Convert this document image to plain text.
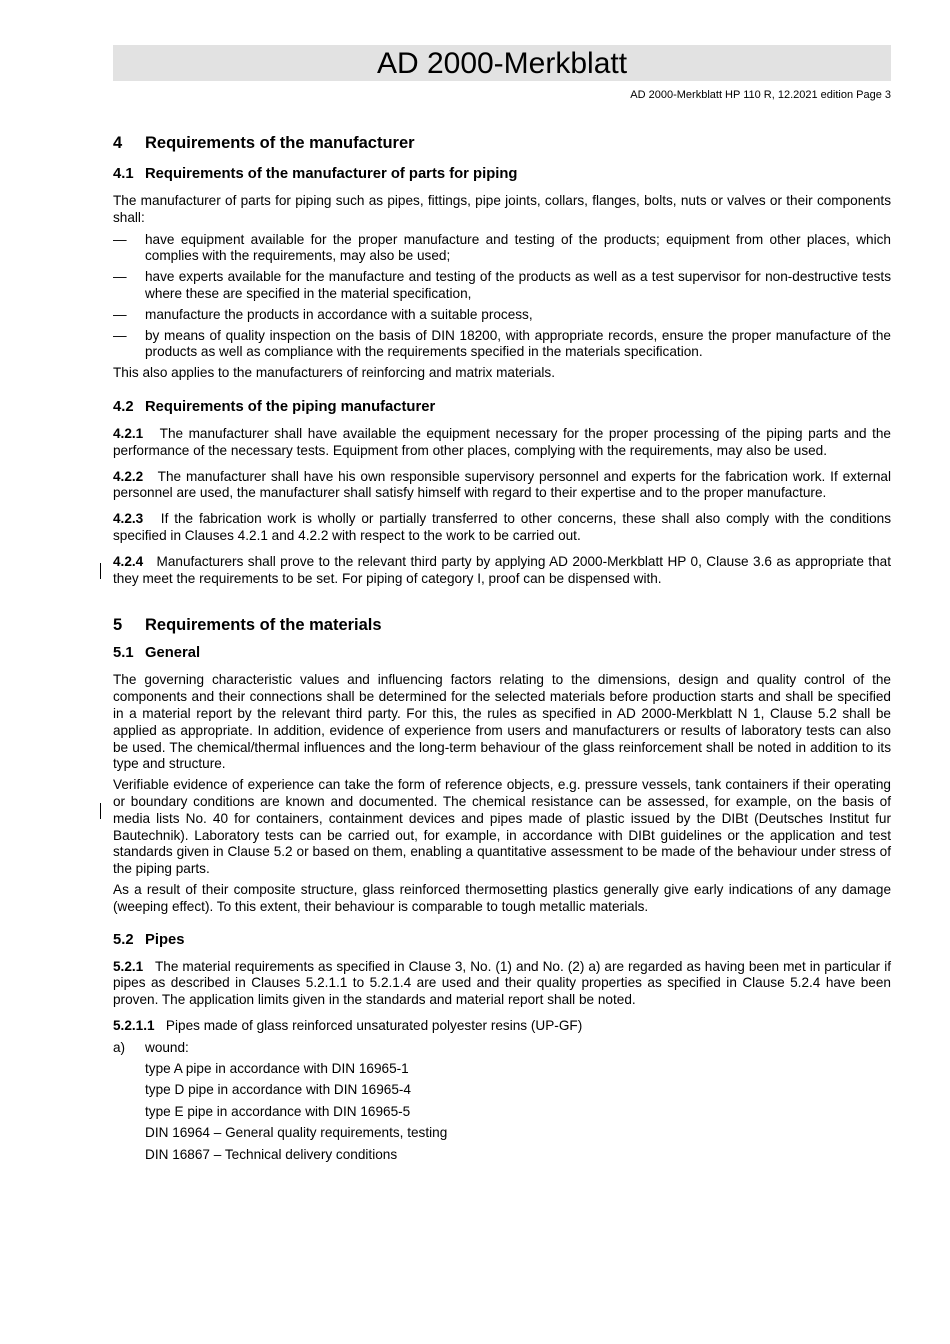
AD 2000-Merkblatt
AD 2000-Merkblatt HP 110 R, 12.2021 edition Page 3
4 Requirements of the manufacturer
4.1 Requirements of the manufacturer of parts for piping

The manufacturer of parts for piping such as pipes, fittings, pipe joints, collars, flanges, bolts, nuts or valves or their components shall:

— have equipment available for the proper manufacture and testing of the products; equipment from other places, which complies with the requirements, may also be used;
— have experts available for the manufacture and testing of the products as well as a test supervisor for non-destructive tests where these are specified in the material specification,
— manufacture the products in accordance with a suitable process,
— by means of quality inspection on the basis of DIN 18200, with appropriate records, ensure the proper manufacture of the products as well as compliance with the requirements specified in the materials specification.

This also applies to the manufacturers of reinforcing and matrix materials.

4.2 Requirements of the piping manufacturer

4.2.1 The manufacturer shall have available the equipment necessary for the proper processing of the piping parts and the performance of the necessary tests. Equipment from other places, complying with the requirements, may also be used.

4.2.2 The manufacturer shall have his own responsible supervisory personnel and experts for the fabrication work. If external personnel are used, the manufacturer shall satisfy himself with regard to their expertise and to the proper manufacture.

4.2.3 If the fabrication work is wholly or partially transferred to other concerns, these shall also comply with the conditions specified in Clauses 4.2.1 and 4.2.2 with respect to the work to be carried out.

4.2.4 Manufacturers shall prove to the relevant third party by applying AD 2000-Merkblatt HP 0, Clause 3.6 as appropriate that they meet the requirements to be set. For piping of category I, proof can be dispensed with.

5 Requirements of the materials
5.1 General

The governing characteristic values and influencing factors relating to the dimensions, design and quality control of the components and their connections shall be determined for the selected materials before production starts and shall be specified in a material report by the relevant third party. For this, the rules as specified in AD 2000-Merkblatt N 1, Clause 5.2 shall be applied as appropriate. In addition, evidence of experience from users and manufacturers or results of laboratory tests can also be used. The chemical/thermal influences and the long-term behaviour of the glass reinforcement shall be noted in addition to its type and structure.

Verifiable evidence of experience can take the form of reference objects, e.g. pressure vessels, tank containers if their operating or boundary conditions are known and documented. The chemical resistance can be assessed, for example, on the basis of media lists No. 40 for containers, containment devices and pipes made of plastic issued by the DIBt (Deutsches Institut fur Bautechnik). Laboratory tests can be carried out, for example, in accordance with DIBt guidelines or the application and test standards given in Clause 5.2 or based on them, enabling a quantitative assessment to be made of the behaviour under stress of the piping parts.

As a result of their composite structure, glass reinforced thermosetting plastics generally give early indications of any damage (weeping effect). To this extent, their behaviour is comparable to tough metallic materials.

5.2 Pipes

5.2.1 The material requirements as specified in Clause 3, No. (1) and No. (2) a) are regarded as having been met in particular if pipes as described in Clauses 5.2.1.1 to 5.2.1.4 are used and their quality properties as specified in Clause 5.2.4 have been proven. The application limits given in the standards and material report shall be noted.

5.2.1.1 Pipes made of glass reinforced unsaturated polyester resins (UP-GF)

a) wound:
type A pipe in accordance with DIN 16965-1
type D pipe in accordance with DIN 16965-4
type E pipe in accordance with DIN 16965-5
DIN 16964 – General quality requirements, testing
DIN 16867 – Technical delivery conditions
